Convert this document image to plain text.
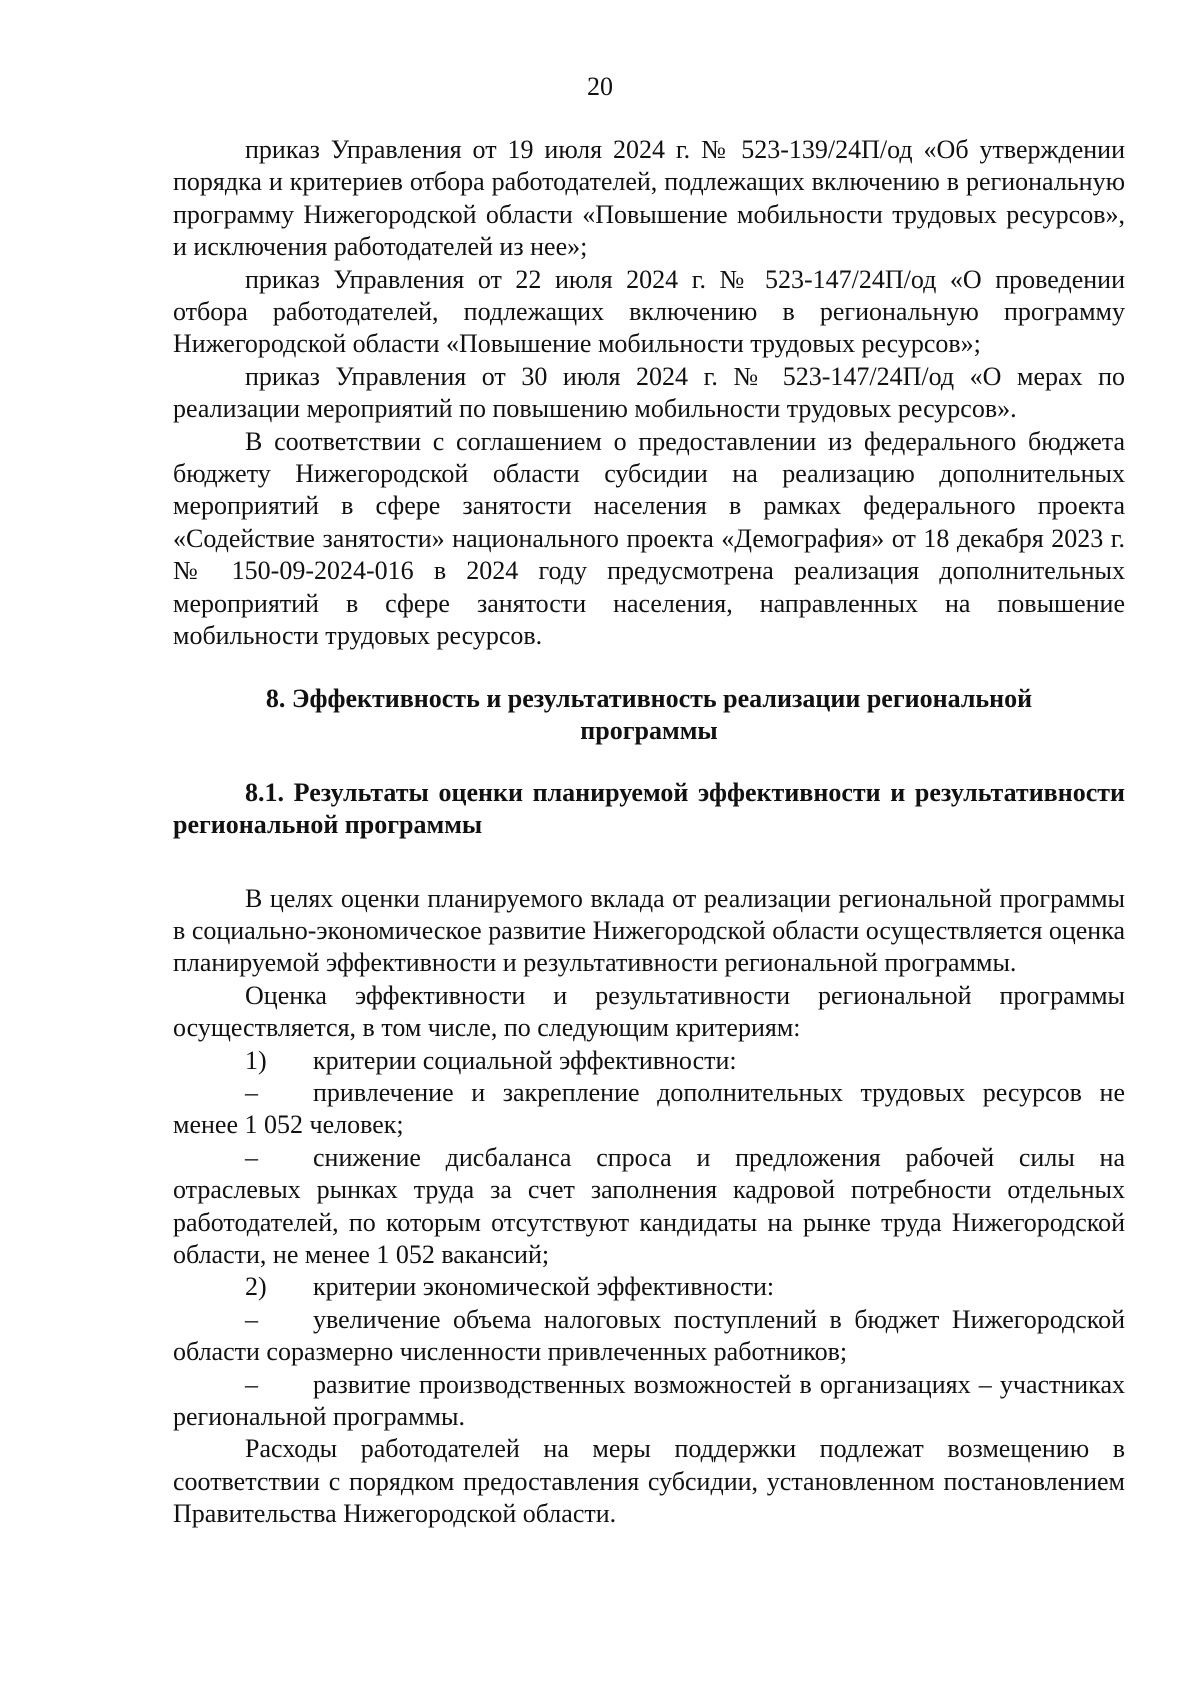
20

приказ Управления от 19 июля 2024 г. № 523-139/24П/од «Об утверждении порядка и критериев отбора работодателей, подлежащих включению в региональную программу Нижегородской области «Повышение мобильности трудовых ресурсов», и исключения работодателей из нее»;

приказ Управления от 22 июля 2024 г. № 523-147/24П/од «О проведении отбора работодателей, подлежащих включению в региональную программу Нижегородской области «Повышение мобильности трудовых ресурсов»;

приказ Управления от 30 июля 2024 г. № 523-147/24П/од «О мерах по реализации мероприятий по повышению мобильности трудовых ресурсов».

В соответствии с соглашением о предоставлении из федерального бюджета бюджету Нижегородской области субсидии на реализацию дополнительных мероприятий в сфере занятости населения в рамках федерального проекта «Содействие занятости» национального проекта «Демография» от 18 декабря 2023 г. № 150-09-2024-016 в 2024 году предусмотрена реализация дополнительных мероприятий в сфере занятости населения, направленных на повышение мобильности трудовых ресурсов.

8. Эффективность и результативность реализации региональной
программы

8.1. Результаты оценки планируемой эффективности и результативности региональной программы

В целях оценки планируемого вклада от реализации региональной программы в социально-экономическое развитие Нижегородской области осуществляется оценка планируемой эффективности и результативности региональной программы.

Оценка эффективности и результативности региональной программы осуществляется, в том числе, по следующим критериям:

1) критерии социальной эффективности:

– привлечение и закрепление дополнительных трудовых ресурсов не менее 1 052 человек;

– снижение дисбаланса спроса и предложения рабочей силы на отраслевых рынках труда за счет заполнения кадровой потребности отдельных работодателей, по которым отсутствуют кандидаты на рынке труда Нижегородской области, не менее 1 052 вакансий;

2) критерии экономической эффективности:

– увеличение объема налоговых поступлений в бюджет Нижегородской области соразмерно численности привлеченных работников;

– развитие производственных возможностей в организациях – участниках региональной программы.

Расходы работодателей на меры поддержки подлежат возмещению в соответствии с порядком предоставления субсидии, установленном постановлением Правительства Нижегородской области.
